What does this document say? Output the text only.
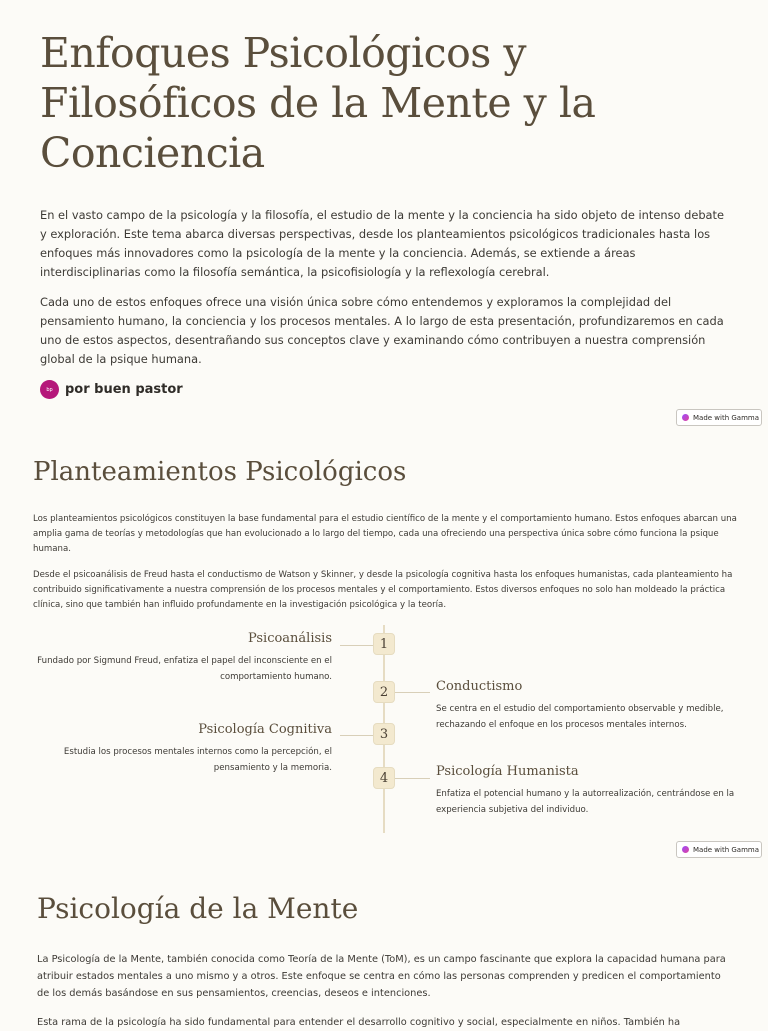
Enfoques Psicológicos y Filosóficos de la Mente y la Conciencia

En el vasto campo de la psicología y la filosofía, el estudio de la mente y la conciencia ha sido objeto de intenso debate y exploración. Este tema abarca diversas perspectivas, desde los planteamientos psicológicos tradicionales hasta los enfoques más innovadores como la psicología de la mente y la conciencia. Además, se extiende a áreas interdisciplinarias como la filosofía semántica, la psicofisiología y la reflexología cerebral.

Cada uno de estos enfoques ofrece una visión única sobre cómo entendemos y exploramos la complejidad del pensamiento humano, la conciencia y los procesos mentales. A lo largo de esta presentación, profundizaremos en cada uno de estos aspectos, desentrañando sus conceptos clave y examinando cómo contribuyen a nuestra comprensión global de la psique humana.

bp por buen pastor
Made with Gamma
Planteamientos Psicológicos

Los planteamientos psicológicos constituyen la base fundamental para el estudio científico de la mente y el comportamiento humano. Estos enfoques abarcan una amplia gama de teorías y metodologías que han evolucionado a lo largo del tiempo, cada una ofreciendo una perspectiva única sobre cómo funciona la psique humana.

Desde el psicoanálisis de Freud hasta el conductismo de Watson y Skinner, y desde la psicología cognitiva hasta los enfoques humanistas, cada planteamiento ha contribuido significativamente a nuestra comprensión de los procesos mentales y el comportamiento. Estos diversos enfoques no solo han moldeado la práctica clínica, sino que también han influido profundamente en la investigación psicológica y la teoría.

1
Psicoanálisis

Fundado por Sigmund Freud, enfatiza el papel del inconsciente en el comportamiento humano.

2	Conductismo

Se centra en el estudio del comportamiento observable y medible, rechazando el enfoque en los procesos mentales internos.

3
Psicología Cognitiva

Estudia los procesos mentales internos como la percepción, el pensamiento y la memoria.

4	Psicología Humanista

Enfatiza el potencial humano y la autorrealización, centrándose en la experiencia subjetiva del individuo.

Made with Gamma
Psicología de la Mente

La Psicología de la Mente, también conocida como Teoría de la Mente (ToM), es un campo fascinante que explora la capacidad humana para atribuir estados mentales a uno mismo y a otros. Este enfoque se centra en cómo las personas comprenden y predicen el comportamiento de los demás basándose en sus pensamientos, creencias, deseos e intenciones.

Esta rama de la psicología ha sido fundamental para entender el desarrollo cognitivo y social, especialmente en niños. También ha
